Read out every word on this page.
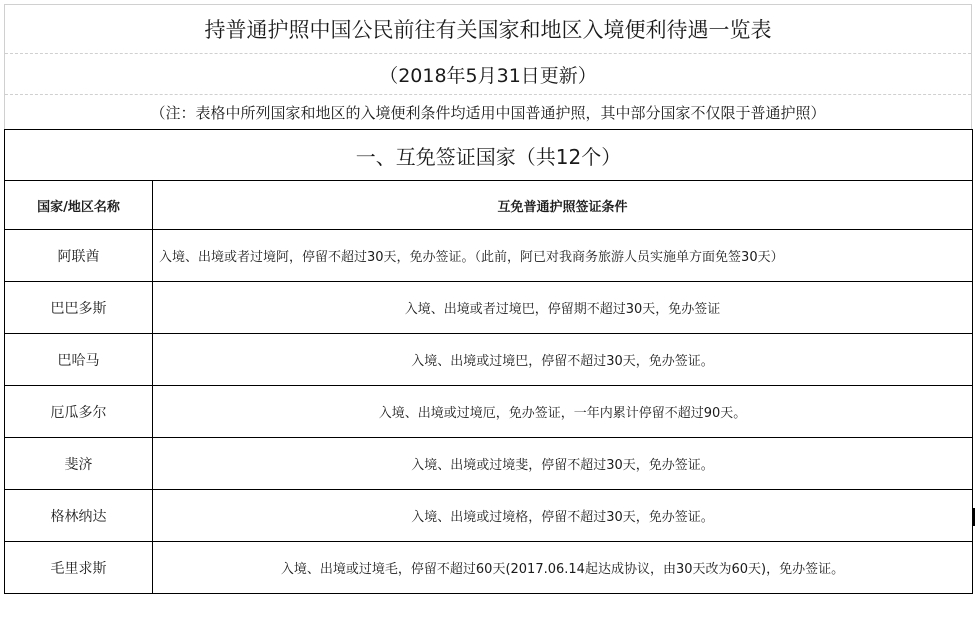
持普通护照中国公民前往有关国家和地区入境便利待遇一览表
（2018年5月31日更新）
（注：表格中所列国家和地区的入境便利条件均适用中国普通护照，其中部分国家不仅限于普通护照）
一、互免签证国家（共12个）	
国家/地区名称	互免普通护照签证条件
阿联酋	入境、出境或者过境阿，停留不超过30天，免办签证。（此前，阿已对我商务旅游人员实施单方面免签30天）
巴巴多斯	入境、出境或者过境巴，停留期不超过30天，免办签证
巴哈马	入境、出境或过境巴，停留不超过30天，免办签证。
厄瓜多尔	入境、出境或过境厄，免办签证，一年内累计停留不超过90天。
斐济	入境、出境或过境斐，停留不超过30天，免办签证。
格林纳达	入境、出境或过境格，停留不超过30天，免办签证。
毛里求斯	入境、出境或过境毛，停留不超过60天(2017.06.14起达成协议，由30天改为60天)，免办签证。
